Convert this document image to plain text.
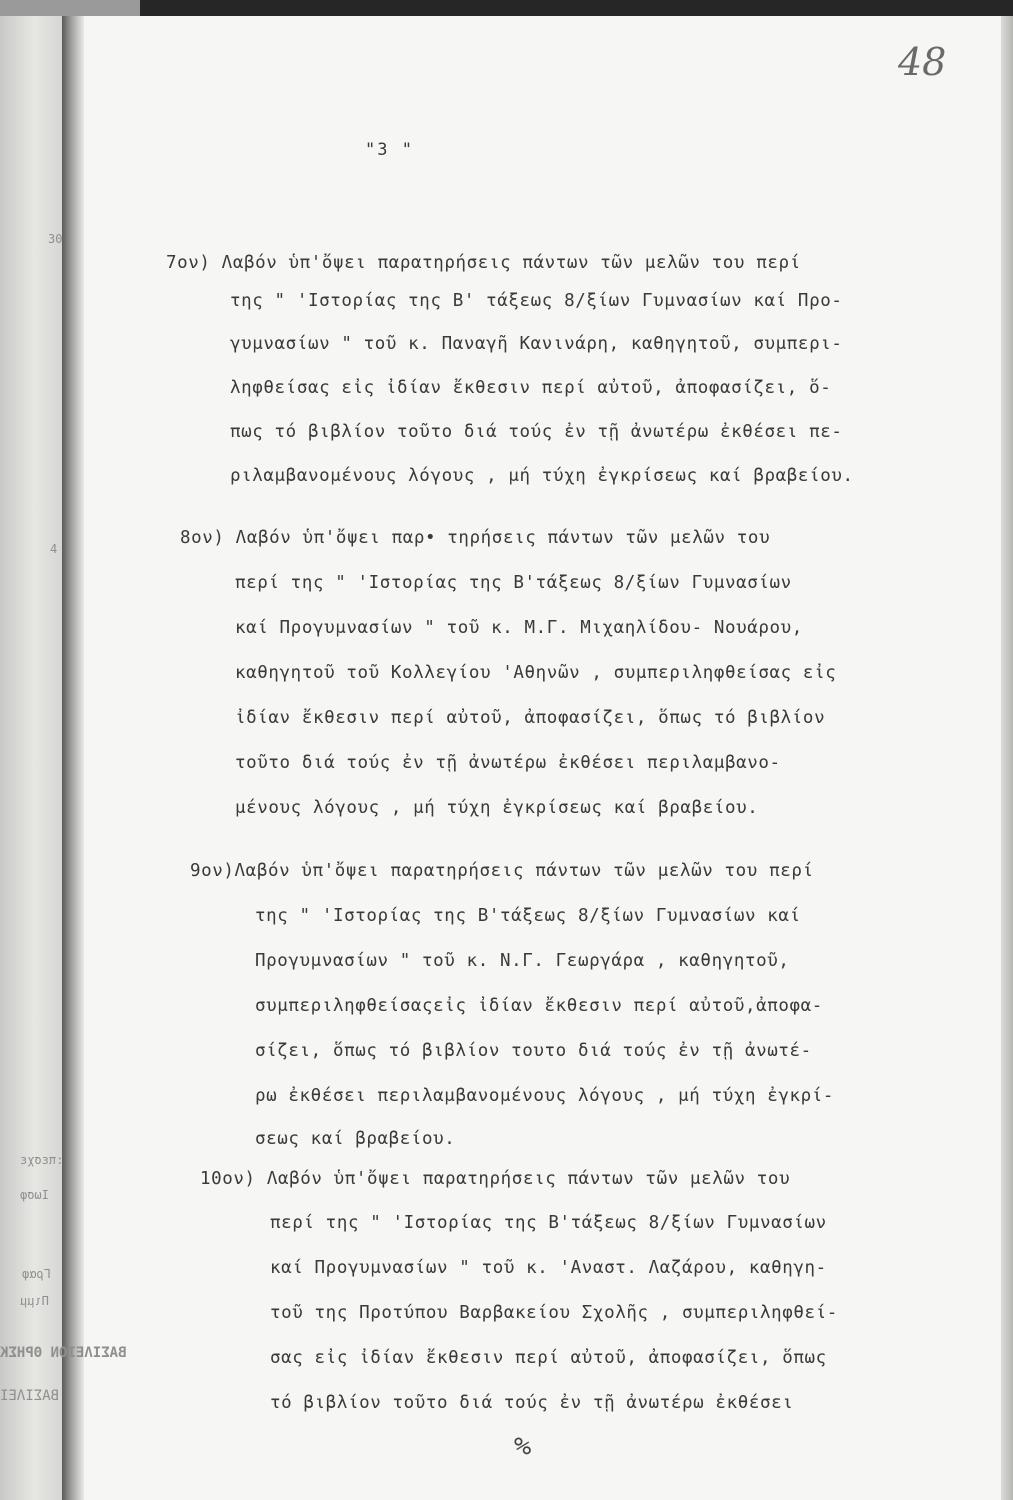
30
4
:πεσχε
Ιωσφ
Γραφ
Πιμμ
ΒΑΣΙΛΕΙΟΝ ΘΡΗΣΚ
ΒΑΣΙΛΕΙ
48
"3 "
7ον) Λαβόν ὑπ'ὄψει παρατηρήσεις πάντων τῶν μελῶν του περί
της " 'Ιστορίας της Β' τάξεως 8/ξίων Γυμνασίων καί Προ-
γυμνασίων " τοῦ κ. Παναγῆ Κανινάρη, καθηγητοῦ, συμπερι-
ληφθείσας εἰς ἰδίαν ἔκθεσιν περί αὐτοῦ, ἀποφασίζει, ὅ-
πως τό βιβλίον τοῦτο διά τούς ἐν τῇ ἀνωτέρω ἐκθέσει πε-
ριλαμβανομένους λόγους , μή τύχη ἐγκρίσεως καί βραβείου.
8ον) Λαβόν ὑπ'ὄψει παρ• τηρήσεις πάντων τῶν μελῶν του
περί της " 'Ιστορίας της Β'τάξεως 8/ξίων Γυμνασίων
καί Προγυμνασίων " τοῦ κ. Μ.Γ. Μιχαηλίδου- Νουάρου,
καθηγητοῦ τοῦ Κολλεγίου 'Αθηνῶν , συμπεριληφθείσας εἰς
ἰδίαν ἔκθεσιν περί αὐτοῦ, ἀποφασίζει, ὅπως τό βιβλίον
τοῦτο διά τούς ἐν τῇ ἀνωτέρω ἐκθέσει περιλαμβανο-
μένους λόγους , μή τύχη ἐγκρίσεως καί βραβείου.
9ον)Λαβόν ὑπ'ὄψει παρατηρήσεις πάντων τῶν μελῶν του περί
της " 'Ιστορίας της Β'τάξεως 8/ξίων Γυμνασίων καί
Προγυμνασίων " τοῦ κ. Ν.Γ. Γεωργάρα , καθηγητοῦ,
συμπεριληφθείσαςεἰς ἰδίαν ἔκθεσιν περί αὐτοῦ,ἀποφα-
σίζει, ὅπως τό βιβλίον τουτο διά τούς ἐν τῇ ἀνωτέ-
ρω ἐκθέσει περιλαμβανομένους λόγους , μή τύχη ἐγκρί-
σεως καί βραβείου.
10ον) Λαβόν ὑπ'ὄψει παρατηρήσεις πάντων τῶν μελῶν του
περί της " 'Ιστορίας της Β'τάξεως 8/ξίων Γυμνασίων
καί Προγυμνασίων " τοῦ κ. 'Αναστ. Λαζάρου, καθηγη-
τοῦ της Προτύπου Βαρβακείου Σχολῆς , συμπεριληφθεί-
σας εἰς ἰδίαν ἔκθεσιν περί αὐτοῦ, ἀποφασίζει, ὅπως
τό βιβλίον τοῦτο διά τούς ἐν τῇ ἀνωτέρω ἐκθέσει
%
